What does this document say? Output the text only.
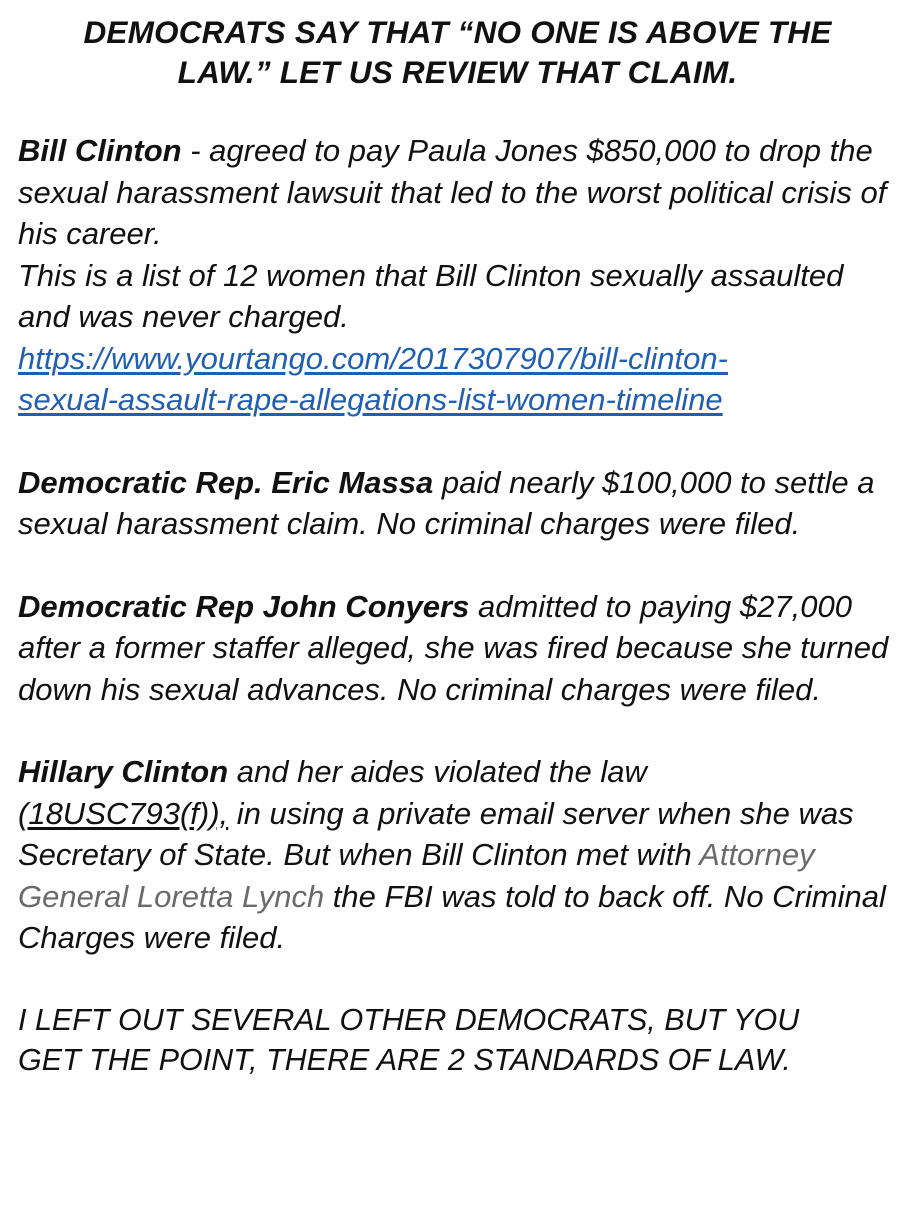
DEMOCRATS SAY THAT “NO ONE IS ABOVE THE
LAW.” LET US REVIEW THAT CLAIM.
Bill Clinton - agreed to pay Paula Jones $850,000 to drop the sexual harassment lawsuit that led to the worst political crisis of his career.
This is a list of 12 women that Bill Clinton sexually assaulted and was never charged.
https://www.yourtango.com/2017307907/bill-clinton-
sexual-assault-rape-allegations-list-women-timeline
Democratic Rep. Eric Massa paid nearly $100,000 to settle a sexual harassment claim. No criminal charges were filed.
Democratic Rep John Conyers admitted to paying $27,000 after a former staffer alleged, she was fired because she turned down his sexual advances. No criminal charges were filed.
Hillary Clinton and her aides violated the law
(18USC793(f)), in using a private email server when she was Secretary of State. But when Bill Clinton met with Attorney General Loretta Lynch the FBI was told to back off. No Criminal Charges were filed.
I LEFT OUT SEVERAL OTHER DEMOCRATS, BUT YOU
GET THE POINT, THERE ARE 2 STANDARDS OF LAW.
